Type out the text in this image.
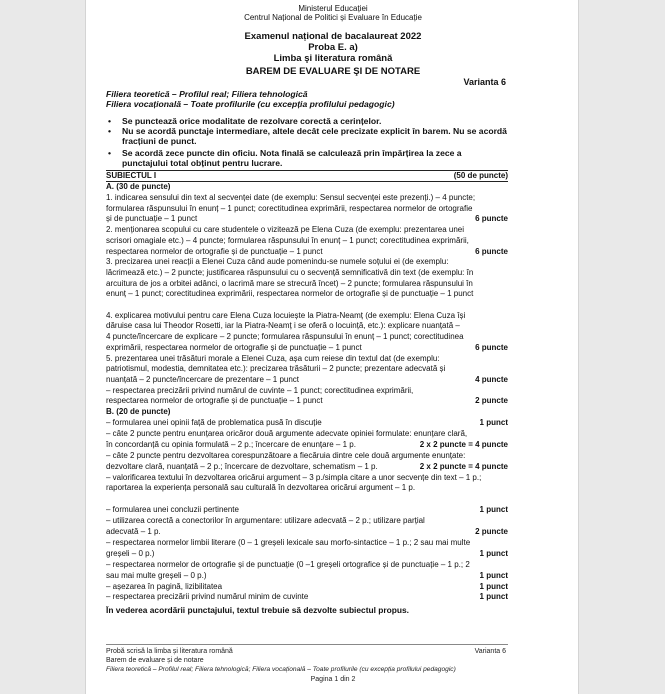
Ministerul Educației
Centrul Național de Politici și Evaluare în Educație
Examenul național de bacalaureat 2022
Proba E. a)
Limba şi literatura română
BAREM DE EVALUARE ŞI DE NOTARE
Varianta 6
Filiera teoretică – Profilul real; Filiera tehnologică
Filiera vocațională – Toate profilurile (cu excepția profilului pedagogic)
• Se punctează orice modalitate de rezolvare corectă a cerințelor.
• Nu se acordă punctaje intermediare, altele decât cele precizate explicit în barem. Nu se acordă fracțiuni de punct.
• Se acordă zece puncte din oficiu. Nota finală se calculează prin împărțirea la zece a punctajului total obținut pentru lucrare.
SUBIECTUL I	(50 de puncte)
A. (30 de puncte)
1. indicarea sensului din text al secvenței date (de exemplu: Sensul secvenței este prezenți.) – 4 puncte;
formularea răspunsului în enunț – 1 punct; corectitudinea exprimării, respectarea normelor de ortografie
și de punctuație – 1 punct	6 puncte
2. menționarea scopului cu care studentele o vizitează pe Elena Cuza (de exemplu: prezentarea unei
scrisori omagiale etc.) – 4 puncte; formularea răspunsului în enunț – 1 punct; corectitudinea exprimării,
respectarea normelor de ortografie și de punctuație – 1 punct	6 puncte
3. precizarea unei reacții a Elenei Cuza când aude pomenindu-se numele soțului ei (de exemplu:
lăcrimează etc.) – 2 puncte; justificarea răspunsului cu o secvență semnificativă din text (de exemplu: în
arcuitura de jos a orbitei adânci, o lacrimă mare se strecură încet) – 2 puncte; formularea răspunsului în
enunț – 1 punct; corectitudinea exprimării, respectarea normelor de ortografie și de punctuație – 1 punct
4. explicarea motivului pentru care Elena Cuza locuiește la Piatra-Neamț (de exemplu: Elena Cuza își
dăruise casa lui Theodor Rosetti, iar la Piatra-Neamț i se oferă o locuință, etc.): explicare nuanțată –
4 puncte/încercare de explicare – 2 puncte; formularea răspunsului în enunț – 1 punct; corectitudinea
exprimării, respectarea normelor de ortografie și de punctuație – 1 punct	6 puncte
5. prezentarea unei trăsături morale a Elenei Cuza, așa cum reiese din textul dat (de exemplu:
patriotismul, modestia, demnitatea etc.): precizarea trăsăturii – 2 puncte; prezentare adecvată și
nuanțată – 2 puncte/încercare de prezentare – 1 punct	4 puncte
– respectarea precizării privind numărul de cuvinte – 1 punct; corectitudinea exprimării,
respectarea normelor de ortografie și de punctuație – 1 punct	2 puncte
B. (20 de puncte)
– formularea unei opinii față de problematica pusă în discuție	1 punct
– câte 2 puncte pentru enunțarea oricăror două argumente adecvate opiniei formulate: enunțare clară,
în concordanță cu opinia formulată – 2 p.; încercare de enunțare – 1 p.	2 x 2 puncte = 4 puncte
– câte 2 puncte pentru dezvoltarea corespunzătoare a fiecăruia dintre cele două argumente enunțate:
dezvoltare clară, nuanțată – 2 p.; încercare de dezvoltare, schematism – 1 p.	2 x 2 puncte = 4 puncte
– valorificarea textului în dezvoltarea oricărui argument – 3 p./simpla citare a unor secvențe din text – 1 p.;
raportarea la experiența personală sau culturală în dezvoltarea oricărui argument – 1 p.
– formularea unei concluzii pertinente	1 punct
– utilizarea corectă a conectorilor în argumentare: utilizare adecvată – 2 p.; utilizare parțial
adecvată – 1 p.	2 puncte
– respectarea normelor limbii literare (0 – 1 greșeli lexicale sau morfo-sintactice – 1 p.; 2 sau mai multe
greșeli – 0 p.)	1 punct
– respectarea normelor de ortografie și de punctuație (0 –1 greșeli ortografice și de punctuație – 1 p.; 2
sau mai multe greșeli – 0 p.)	1 punct
– așezarea în pagină, lizibilitatea	1 punct
– respectarea precizării privind numărul minim de cuvinte	1 punct
În vederea acordării punctajului, textul trebuie să dezvolte subiectul propus.
Probă scrisă la limba și literatura română	Varianta 6
Barem de evaluare și de notare
Filiera teoretică – Profilul real; Filiera tehnologică; Filiera vocațională – Toate profilurile (cu excepția profilului pedagogic)
Pagina 1 din 2
